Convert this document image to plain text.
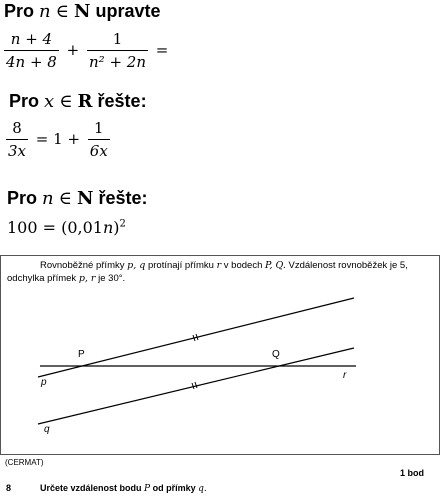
Pro n ∈ N upravte
$\frac{n + 4}{4n + 8} + \frac{1}{\text{n² + 2n}}$ =
Pro x ∈ R řešte:
$\frac{8}{3x} = 1 + \frac{1}{6x}$
Pro n ∈ N řešte:
$100 = (0,01n)^2$
Rovnoběžné přímky p, q protínají přímku r v bodech P, Q. Vzdálenost rovnoběžek je 5,
odchylka přímek p, r je 30°.
P	Q
p
q
r
(CERMAT)
1 bod
8	Určete vzdálenost bodu P od přímky q.
